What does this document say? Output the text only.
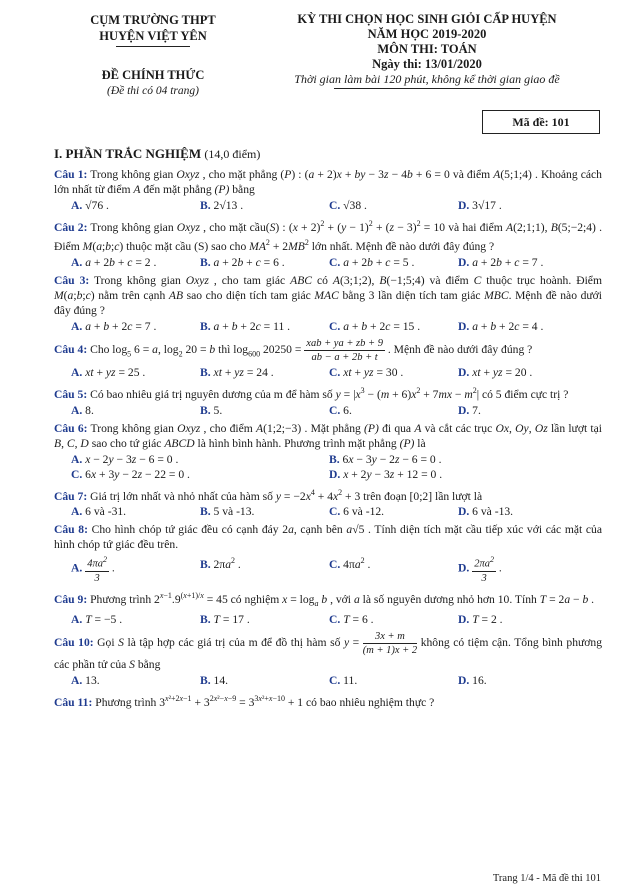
CỤM TRƯỜNG THPT
HUYỆN VIỆT YÊN
ĐỀ CHÍNH THỨC
(Đề thi có 04 trang)
KỲ THI CHỌN HỌC SINH GIỎI CẤP HUYỆN
NĂM HỌC 2019-2020
MÔN THI: TOÁN
Ngày thi: 13/01/2020
Thời gian làm bài 120 phút, không kể thời gian giao đề
Mã đề: 101
I. PHẦN TRẮC NGHIỆM (14,0 điểm)
Câu 1: Trong không gian Oxyz , cho mặt phẳng (P) : (a + 2)x + by − 3z − 4b + 6 = 0 và điểm A(5;1;4) . Khoảng cách lớn nhất từ điểm A đến mặt phẳng (P) bằng
A. √76 .	B. 2√13 .	C. √38 .	D. 3√17 .
Câu 2: Trong không gian Oxyz , cho mặt cầu(S) : $(x + 2)^2 + (y - 1)^2 + (z - 3)^2 = 10$ và hai điểm A(2;1;1), B(5;−2;4) . Điểm M(a;b;c) thuộc mặt cầu (S) sao cho $MA^2 + 2MB^2$ lớn nhất. Mệnh đề nào dưới đây đúng ?
A. a + 2b + c = 2 .	B. a + 2b + c = 6 .	C. a + 2b + c = 5 .	D. a + 2b + c = 7 .
Câu 3: Trong không gian Oxyz , cho tam giác ABC có A(3;1;2), B(−1;5;4) và điểm C thuộc trục hoành. Điểm M(a;b;c) nằm trên cạnh AB sao cho diện tích tam giác MAC bằng 3 lần diện tích tam giác MBC. Mệnh đề nào dưới đây đúng ?
A. a + b + 2c = 7 .	B. a + b + 2c = 11 .	C. a + b + 2c = 15 .	D. a + b + 2c = 4 .
Câu 4: Cho $\log_5 6 = a$, $\log_2 20 = b$ thì $\log_{600} 20250 = \frac{\text{xab + ya + zb + 9}}{ab - a + 2b + t}$ . Mệnh đề nào dưới đây đúng ?
A. xt + yz = 25 .	B. xt + yz = 24 .	C. xt + yz = 30 .	D. xt + yz = 20 .
Câu 5: Có bao nhiêu giá trị nguyên dương của m để hàm số $y = |x^3 - (m + 6)x^2 + 7mx - m^2|$ có 5 điểm cực trị ?
A. 8.	B. 5.	C. 6.	D. 7.
Câu 6: Trong không gian Oxyz , cho điểm A(1;2;−3) . Mặt phẳng (P) đi qua A và cắt các trục Ox, Oy, Oz lần lượt tại B, C, D sao cho tứ giác ABCD là hình bình hành. Phương trình mặt phẳng (P) là
A. x − 2y − 3z − 6 = 0 .	B. 6x − 3y − 2z − 6 = 0 .
C. 6x + 3y − 2z − 22 = 0 .	D. x + 2y − 3z + 12 = 0 .
Câu 7: Giá trị lớn nhất và nhỏ nhất của hàm số $y = -2x^4 + 4x^2 + 3$ trên đoạn [0;2] lần lượt là
A. 6 và -31.	B. 5 và -13.	C. 6 và -12.	D. 6 và -13.
Câu 8: Cho hình chóp tứ giác đều có cạnh đáy 2a, cạnh bên a√5 . Tính diện tích mặt cầu tiếp xúc với các mặt của hình chóp tứ giác đều trên.
A. $\frac{4\pi a^2}{3}$ .	B. $2\pi a^2$ .	C. $4\pi a^2$ .	D. $\frac{2\pi a^2}{3}$ .
Câu 9: Phương trình $2^{x-1}.9^{(x+1)/x} = 45$ có nghiệm $x = \log_a b$ , với a là số nguyên dương nhỏ hơn 10. Tính T = 2a − b .
A. T = −5 .	B. T = 17 .	C. T = 6 .	D. T = 2 .
Câu 10: Gọi S là tập hợp các giá trị của m để đồ thị hàm số $y = \frac{3x + m}{(m + 1)x + 2}$ không có tiệm cận. Tổng bình phương các phần tử của S bằng
A. 13.	B. 14.	C. 11.	D. 16.
Câu 11: Phương trình $3^{x^2+2x-1} + 3^{2x^2-x-9} = 3^{3x^2+x-10} + 1$ có bao nhiêu nghiệm thực ?
Trang 1/4 - Mã đề thi 101
